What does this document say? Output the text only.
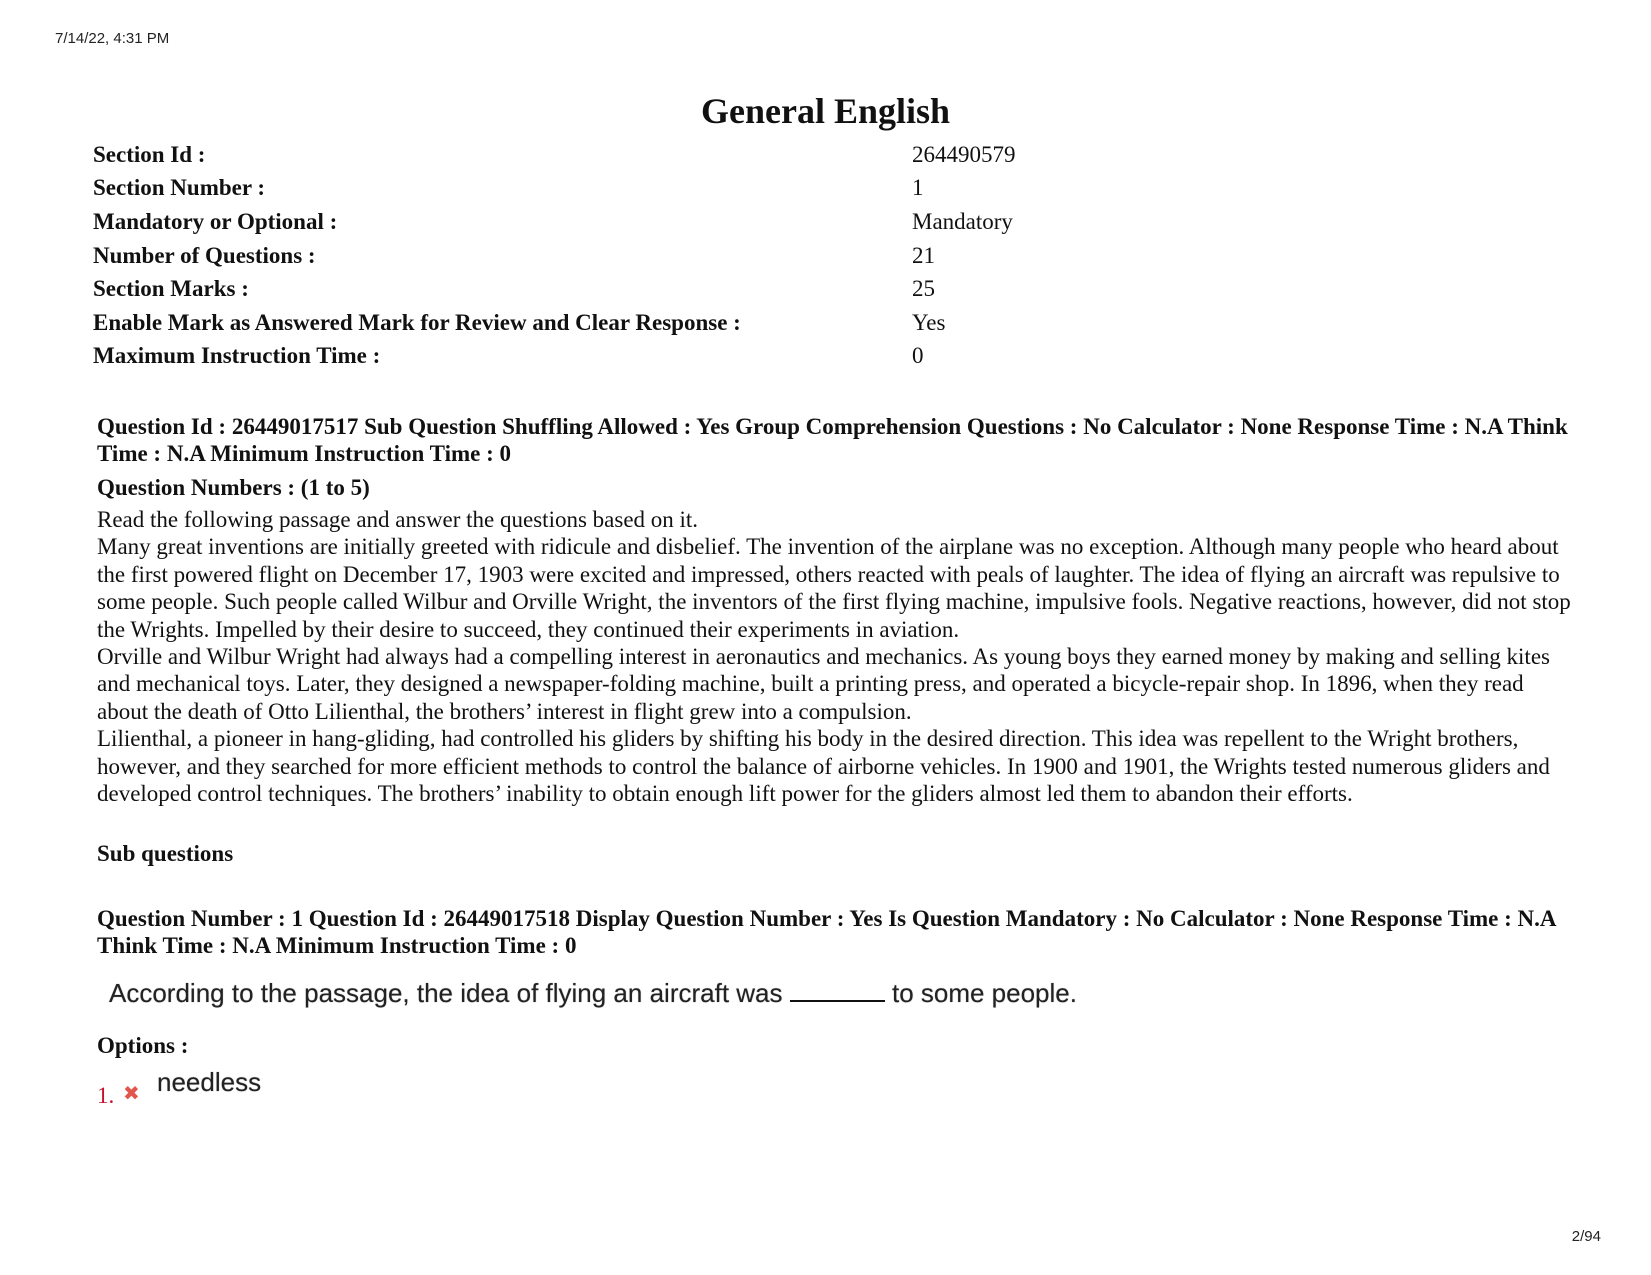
7/14/22, 4:31 PM
General English
Section Id :	264490579
Section Number :	1
Mandatory or Optional :	Mandatory
Number of Questions :	21
Section Marks :	25
Enable Mark as Answered Mark for Review and Clear Response :	Yes
Maximum Instruction Time :	0
Question Id : 26449017517 Sub Question Shuffling Allowed : Yes Group Comprehension Questions : No Calculator : None Response Time : N.A Think Time : N.A Minimum Instruction Time : 0
Question Numbers : (1 to 5)

Read the following passage and answer the questions based on it.

Many great inventions are initially greeted with ridicule and disbelief. The invention of the airplane was no exception. Although many people who heard about the first powered flight on December 17, 1903 were excited and impressed, others reacted with peals of laughter. The idea of flying an aircraft was repulsive to some people. Such people called Wilbur and Orville Wright, the inventors of the first flying machine, impulsive fools. Negative reactions, however, did not stop the Wrights. Impelled by their desire to succeed, they continued their experiments in aviation.

Orville and Wilbur Wright had always had a compelling interest in aeronautics and mechanics. As young boys they earned money by making and selling kites and mechanical toys. Later, they designed a newspaper-folding machine, built a printing press, and operated a bicycle-repair shop. In 1896, when they read about the death of Otto Lilienthal, the brothers’ interest in flight grew into a compulsion.

Lilienthal, a pioneer in hang-gliding, had controlled his gliders by shifting his body in the desired direction. This idea was repellent to the Wright brothers, however, and they searched for more efficient methods to control the balance of airborne vehicles. In 1900 and 1901, the Wrights tested numerous gliders and developed control techniques. The brothers’ inability to obtain enough lift power for the gliders almost led them to abandon their efforts.

Sub questions
Question Number : 1 Question Id : 26449017518 Display Question Number : Yes Is Question Mandatory : No Calculator : None Response Time : N.A Think Time : N.A Minimum Instruction Time : 0
According to the passage, the idea of flying an aircraft was	to some people.
Options :
1. ✖ needless
2/94
